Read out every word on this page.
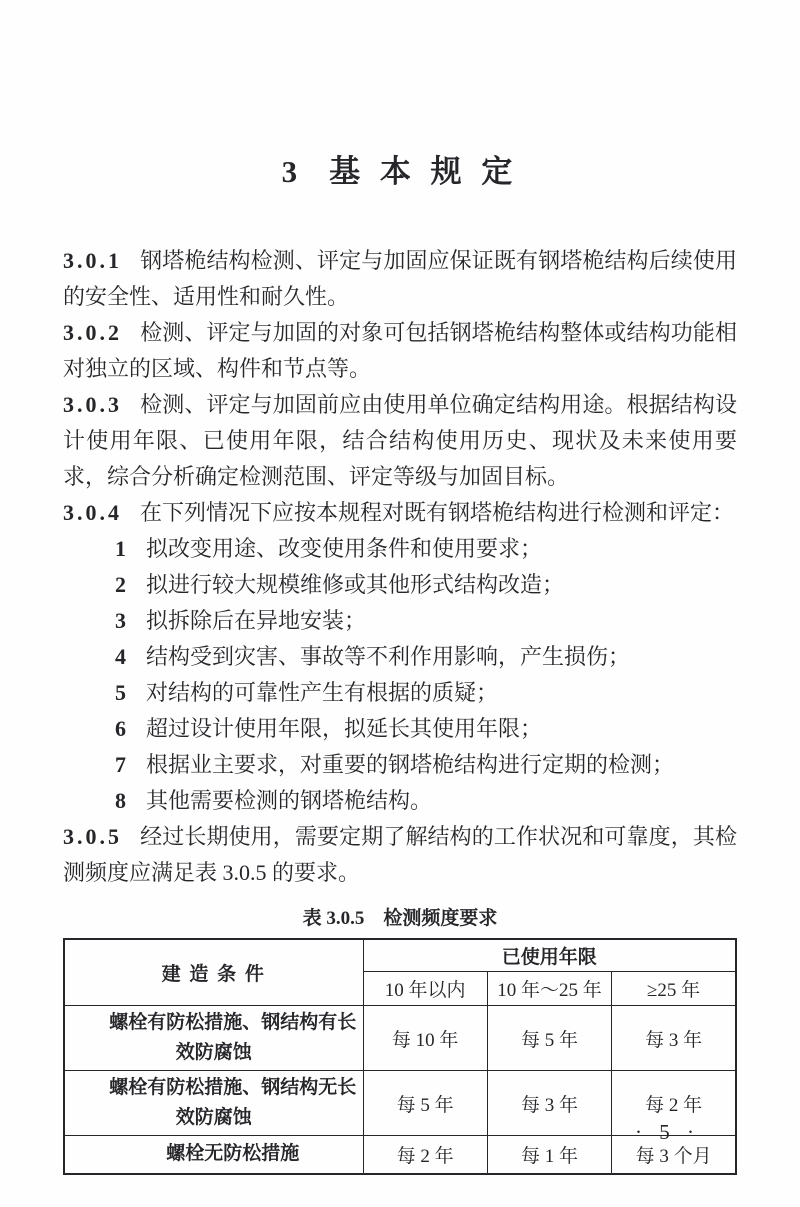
3 基 本 规 定

3.0.1 钢塔桅结构检测、评定与加固应保证既有钢塔桅结构后续使用的安全性、适用性和耐久性。

3.0.2 检测、评定与加固的对象可包括钢塔桅结构整体或结构功能相对独立的区域、构件和节点等。

3.0.3 检测、评定与加固前应由使用单位确定结构用途。根据结构设计使用年限、已使用年限，结合结构使用历史、现状及未来使用要求，综合分析确定检测范围、评定等级与加固目标。

3.0.4 在下列情况下应按本规程对既有钢塔桅结构进行检测和评定：

1 拟改变用途、改变使用条件和使用要求；

2 拟进行较大规模维修或其他形式结构改造；

3 拟拆除后在异地安装；

4 结构受到灾害、事故等不利作用影响，产生损伤；

5 对结构的可靠性产生有根据的质疑；

6 超过设计使用年限，拟延长其使用年限；

7 根据业主要求，对重要的钢塔桅结构进行定期的检测；

8 其他需要检测的钢塔桅结构。

3.0.5 经过长期使用，需要定期了解结构的工作状况和可靠度，其检测频度应满足表 3.0.5 的要求。

表 3.0.5　检测频度要求

建 造 条 件	已使用年限		
	10 年以内	10 年～25 年	≥25 年
螺栓有防松措施、钢结构有长效防腐蚀	每 10 年	每 5 年	每 3 年
螺栓有防松措施、钢结构无长效防腐蚀	每 5 年	每 3 年	每 2 年
螺栓无防松措施	每 2 年	每 1 年	每 3 个月
· 5 ·
